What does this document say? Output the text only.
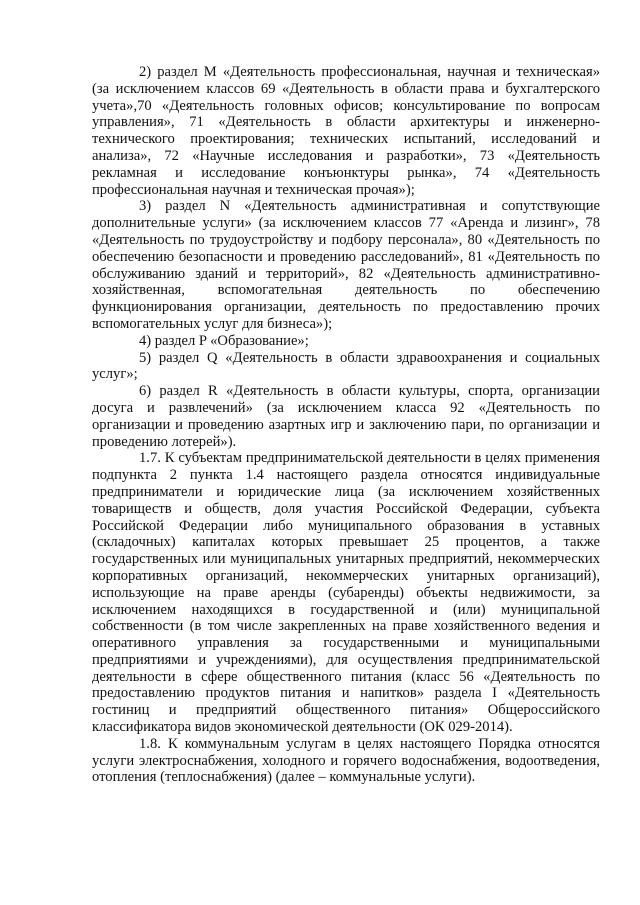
2) раздел M «Деятельность профессиональная, научная и техническая» (за исключением классов 69 «Деятельность в области права и бухгалтерского учета»,70 «Деятельность головных офисов; консультирование по вопросам управления», 71 «Деятельность в области архитектуры и инженерно-технического проектирования; технических испытаний, исследований и анализа», 72 «Научные исследования и разработки», 73 «Деятельность рекламная и исследование конъюнктуры рынка», 74 «Деятельность профессиональная научная и техническая прочая»);

3) раздел N «Деятельность административная и сопутствующие дополнительные услуги» (за исключением классов 77 «Аренда и лизинг», 78 «Деятельность по трудоустройству и подбору персонала», 80 «Деятельность по обеспечению безопасности и проведению расследований», 81 «Деятельность по обслуживанию зданий и территорий», 82 «Деятельность административно-хозяйственная, вспомогательная деятельность по обеспечению функционирования организации, деятельность по предоставлению прочих вспомогательных услуг для бизнеса»);

4) раздел P «Образование»;

5) раздел Q «Деятельность в области здравоохранения и социальных услуг»;

6) раздел R «Деятельность в области культуры, спорта, организации досуга и развлечений» (за исключением класса 92 «Деятельность по организации и проведению азартных игр и заключению пари, по организации и проведению лотерей»).

1.7. К субъектам предпринимательской деятельности в целях применения подпункта 2 пункта 1.4 настоящего раздела относятся индивидуальные предприниматели и юридические лица (за исключением хозяйственных товариществ и обществ, доля участия Российской Федерации, субъекта Российской Федерации либо муниципального образования в уставных (складочных) капиталах которых превышает 25 процентов, а также государственных или муниципальных унитарных предприятий, некоммерческих корпоративных организаций, некоммерческих унитарных организаций), использующие на праве аренды (субаренды) объекты недвижимости, за исключением находящихся в государственной и (или) муниципальной собственности (в том числе закрепленных на праве хозяйственного ведения и оперативного управления за государственными и муниципальными предприятиями и учреждениями), для осуществления предпринимательской деятельности в сфере общественного питания (класс 56 «Деятельность по предоставлению продуктов питания и напитков» раздела I «Деятельность гостиниц и предприятий общественного питания» Общероссийского классификатора видов экономической деятельности (ОК 029-2014).

1.8. К коммунальным услугам в целях настоящего Порядка относятся услуги электроснабжения, холодного и горячего водоснабжения, водоотведения, отопления (теплоснабжения) (далее – коммунальные услуги).
